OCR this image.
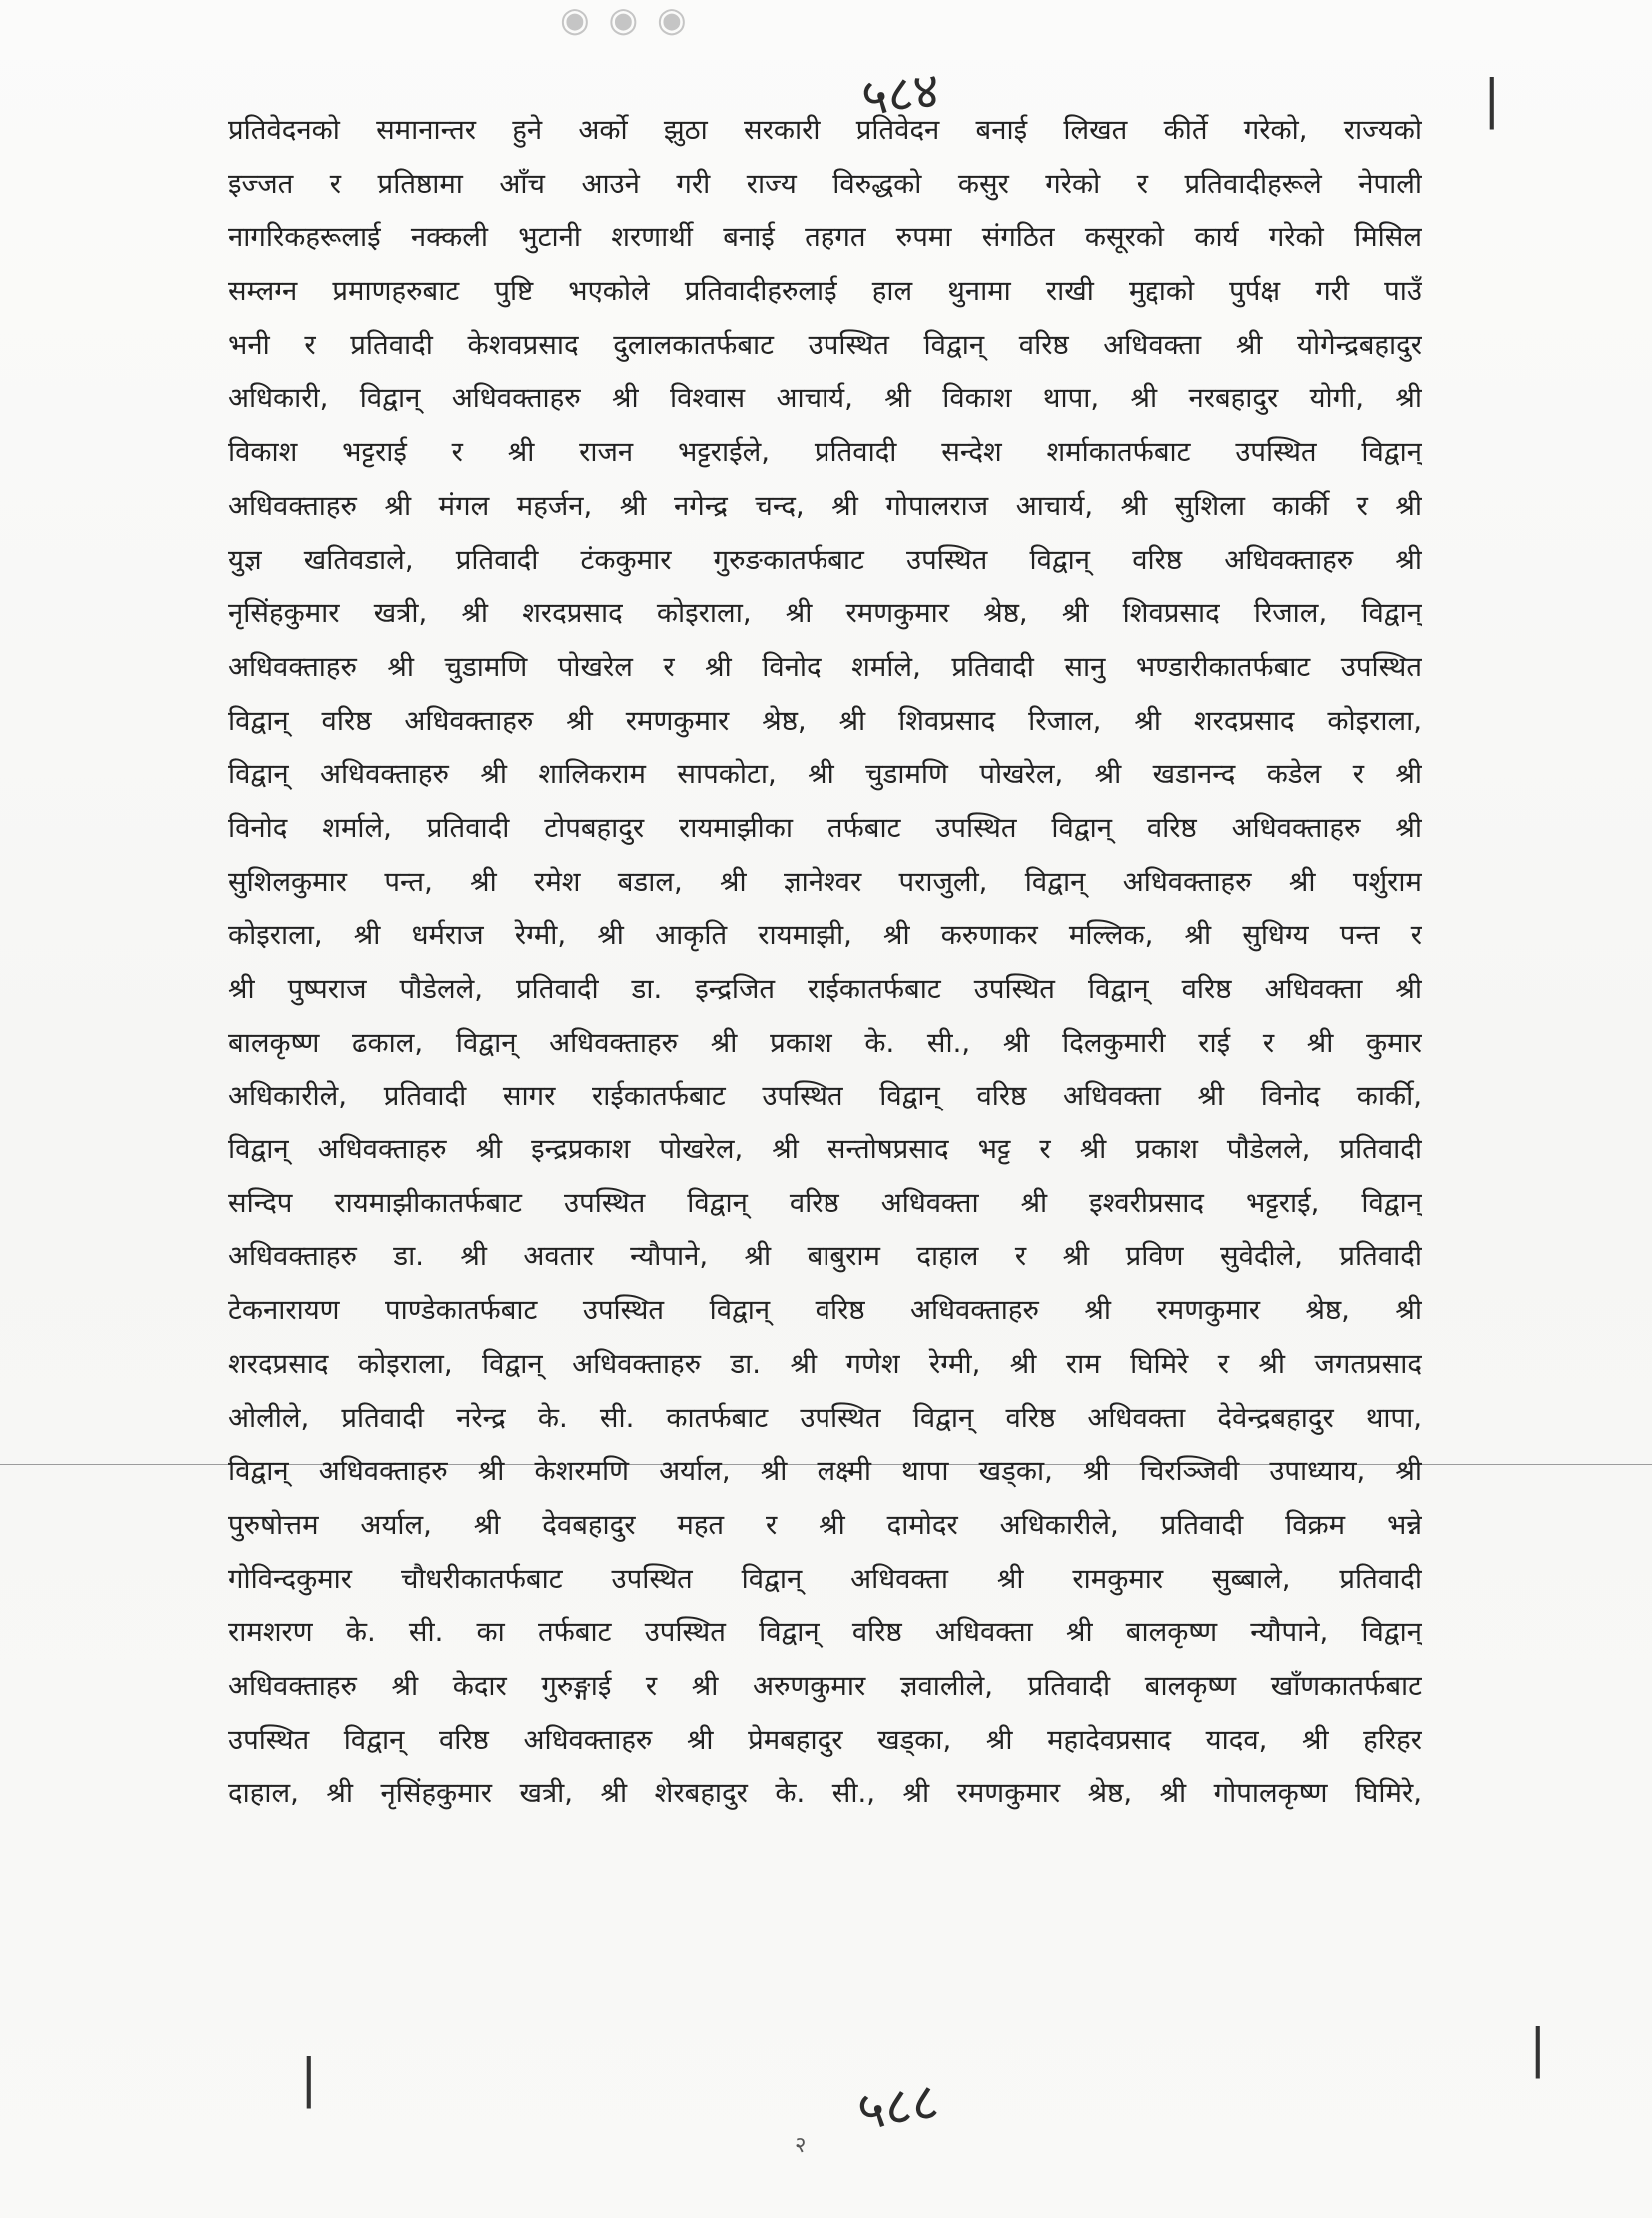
◉ ◉ ◉
५८४	|
|
|
प्रतिवेदनको समानान्तर हुने अर्को झुठा सरकारी प्रतिवेदन बनाई लिखत कीर्ते गरेको, राज्यको
इज्जत र प्रतिष्ठामा आँच आउने गरी राज्य विरुद्धको कसुर गरेको र प्रतिवादीहरूले नेपाली
नागरिकहरूलाई नक्कली भुटानी शरणार्थी बनाई तहगत रुपमा संगठित कसूरको कार्य गरेको मिसिल
सम्लग्न प्रमाणहरुबाट पुष्टि भएकोले प्रतिवादीहरुलाई हाल थुनामा राखी मुद्दाको पुर्पक्ष गरी पाउँ
भनी र प्रतिवादी केशवप्रसाद दुलालकातर्फबाट उपस्थित विद्वान् वरिष्ठ अधिवक्ता श्री योगेन्द्रबहादुर
अधिकारी, विद्वान् अधिवक्ताहरु श्री विश्वास आचार्य, श्री विकाश थापा, श्री नरबहादुर योगी, श्री
विकाश भट्टराई र श्री राजन भट्टराईले, प्रतिवादी सन्देश शर्माकातर्फबाट उपस्थित विद्वान्
अधिवक्ताहरु श्री मंगल महर्जन, श्री नगेन्द्र चन्द, श्री गोपालराज आचार्य, श्री सुशिला कार्की र श्री
युज्ञ खतिवडाले, प्रतिवादी टंककुमार गुरुङकातर्फबाट उपस्थित विद्वान् वरिष्ठ अधिवक्ताहरु श्री
नृसिंहकुमार खत्री, श्री शरदप्रसाद कोइराला, श्री रमणकुमार श्रेष्ठ, श्री शिवप्रसाद रिजाल, विद्वान्
अधिवक्ताहरु श्री चुडामणि पोखरेल र श्री विनोद शर्माले, प्रतिवादी सानु भण्डारीकातर्फबाट उपस्थित
विद्वान् वरिष्ठ अधिवक्ताहरु श्री रमणकुमार श्रेष्ठ, श्री शिवप्रसाद रिजाल, श्री शरदप्रसाद कोइराला,
विद्वान् अधिवक्ताहरु श्री शालिकराम सापकोटा, श्री चुडामणि पोखरेल, श्री खडानन्द कडेल र श्री
विनोद शर्माले, प्रतिवादी टोपबहादुर रायमाझीका तर्फबाट उपस्थित विद्वान् वरिष्ठ अधिवक्ताहरु श्री
सुशिलकुमार पन्त, श्री रमेश बडाल, श्री ज्ञानेश्वर पराजुली, विद्वान् अधिवक्ताहरु श्री पर्शुराम
कोइराला, श्री धर्मराज रेग्मी, श्री आकृति रायमाझी, श्री करुणाकर मल्लिक, श्री सुधिग्य पन्त र
श्री पुष्पराज पौडेलले, प्रतिवादी डा. इन्द्रजित राईकातर्फबाट उपस्थित विद्वान् वरिष्ठ अधिवक्ता श्री
बालकृष्ण ढकाल, विद्वान् अधिवक्ताहरु श्री प्रकाश के. सी., श्री दिलकुमारी राई र श्री कुमार
अधिकारीले, प्रतिवादी सागर राईकातर्फबाट उपस्थित विद्वान् वरिष्ठ अधिवक्ता श्री विनोद कार्की,
विद्वान् अधिवक्ताहरु श्री इन्द्रप्रकाश पोखरेल, श्री सन्तोषप्रसाद भट्ट र श्री प्रकाश पौडेलले, प्रतिवादी
सन्दिप रायमाझीकातर्फबाट उपस्थित विद्वान् वरिष्ठ अधिवक्ता श्री इश्वरीप्रसाद भट्टराई, विद्वान्
अधिवक्ताहरु डा. श्री अवतार न्यौपाने, श्री बाबुराम दाहाल र श्री प्रविण सुवेदीले, प्रतिवादी
टेकनारायण पाण्डेकातर्फबाट उपस्थित विद्वान् वरिष्ठ अधिवक्ताहरु श्री रमणकुमार श्रेष्ठ, श्री
शरदप्रसाद कोइराला, विद्वान् अधिवक्ताहरु डा. श्री गणेश रेग्मी, श्री राम घिमिरे र श्री जगतप्रसाद
ओलीले, प्रतिवादी नरेन्द्र के. सी. कातर्फबाट उपस्थित विद्वान् वरिष्ठ अधिवक्ता देवेन्द्रबहादुर थापा,
विद्वान् अधिवक्ताहरु श्री केशरमणि अर्याल, श्री लक्ष्मी थापा खड्का, श्री चिरञ्जिवी उपाध्याय, श्री
पुरुषोत्तम अर्याल, श्री देवबहादुर महत र श्री दामोदर अधिकारीले, प्रतिवादी विक्रम भन्ने
गोविन्दकुमार चौधरीकातर्फबाट उपस्थित विद्वान् अधिवक्ता श्री रामकुमार सुब्बाले, प्रतिवादी
रामशरण के. सी. का तर्फबाट उपस्थित विद्वान् वरिष्ठ अधिवक्ता श्री बालकृष्ण न्यौपाने, विद्वान्
अधिवक्ताहरु श्री केदार गुरुङ्गाई र श्री अरुणकुमार ज्ञवालीले, प्रतिवादी बालकृष्ण खाँणकातर्फबाट
उपस्थित विद्वान् वरिष्ठ अधिवक्ताहरु श्री प्रेमबहादुर खड्का, श्री महादेवप्रसाद यादव, श्री हरिहर
दाहाल, श्री नृसिंहकुमार खत्री, श्री शेरबहादुर के. सी., श्री रमणकुमार श्रेष्ठ, श्री गोपालकृष्ण घिमिरे,
५८८
२
